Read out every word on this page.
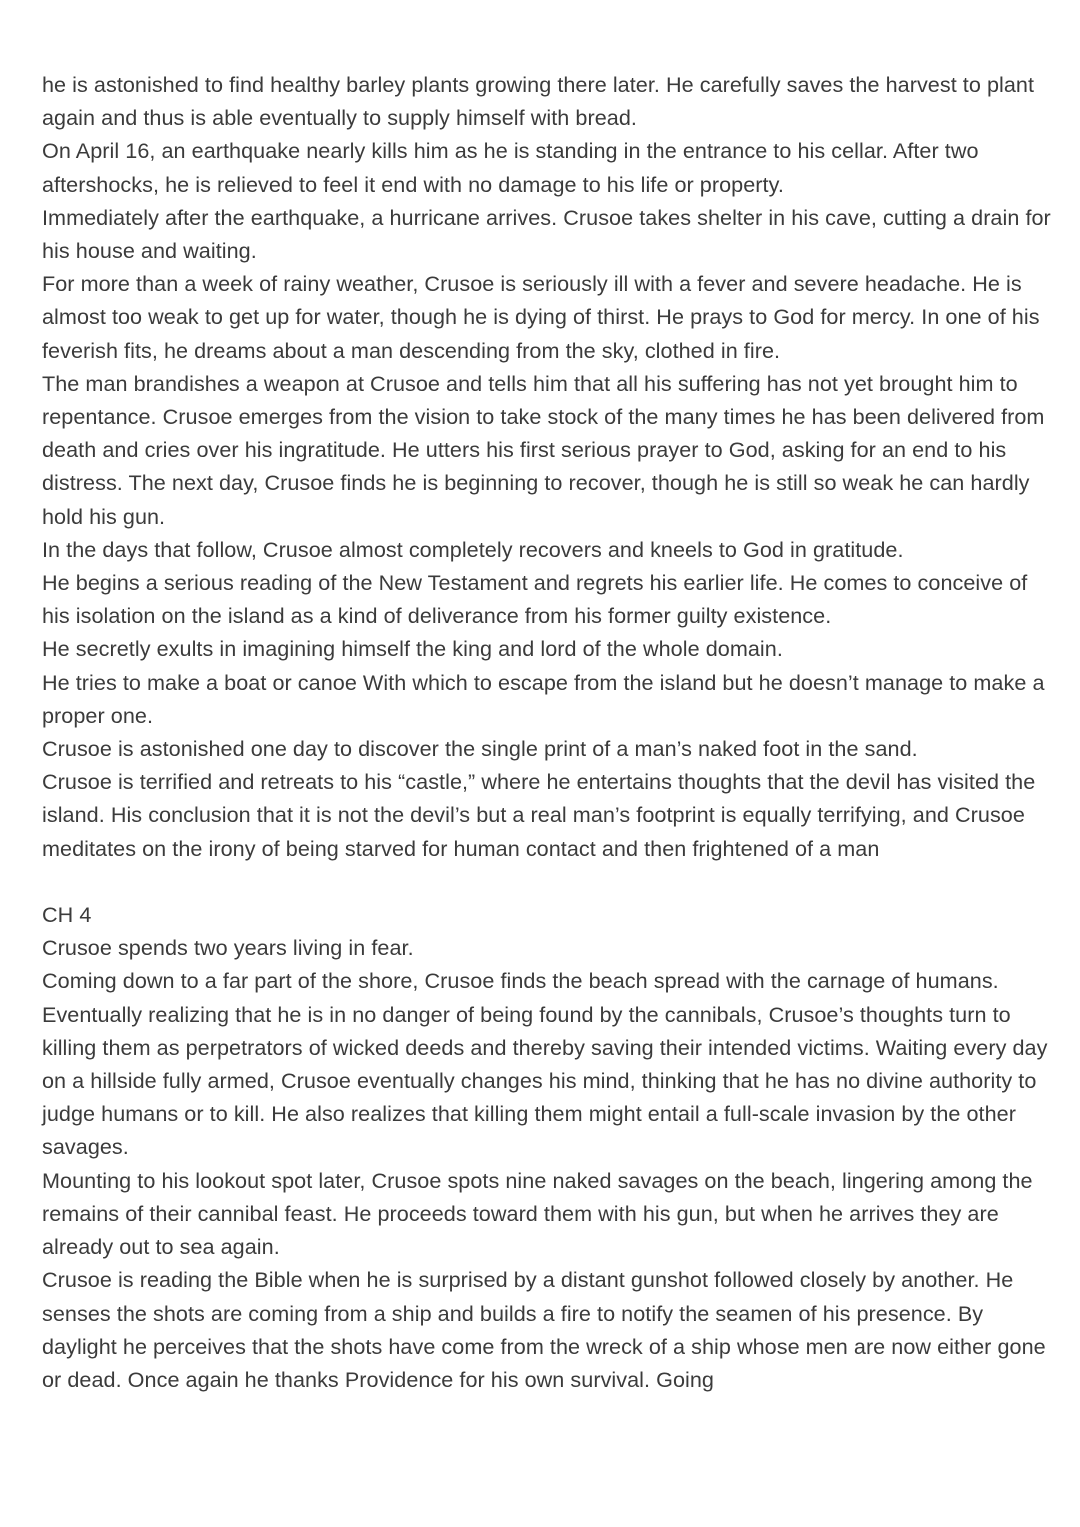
he is astonished to find healthy barley plants growing there later. He carefully saves the harvest to plant again and thus is able eventually to supply himself with bread.

On April 16, an earthquake nearly kills him as he is standing in the entrance to his cellar. After two aftershocks, he is relieved to feel it end with no damage to his life or property.

Immediately after the earthquake, a hurricane arrives. Crusoe takes shelter in his cave, cutting a drain for his house and waiting.

For more than a week of rainy weather, Crusoe is seriously ill with a fever and severe headache. He is almost too weak to get up for water, though he is dying of thirst. He prays to God for mercy. In one of his feverish fits, he dreams about a man descending from the sky, clothed in fire.

The man brandishes a weapon at Crusoe and tells him that all his suffering has not yet brought him to repentance. Crusoe emerges from the vision to take stock of the many times he has been delivered from death and cries over his ingratitude. He utters his first serious prayer to God, asking for an end to his distress. The next day, Crusoe finds he is beginning to recover, though he is still so weak he can hardly hold his gun.

In the days that follow, Crusoe almost completely recovers and kneels to God in gratitude.

He begins a serious reading of the New Testament and regrets his earlier life. He comes to conceive of his isolation on the island as a kind of deliverance from his former guilty existence.

He secretly exults in imagining himself the king and lord of the whole domain.

He tries to make a boat or canoe With which to escape from the island but he doesn’t manage to make a proper one.

Crusoe is astonished one day to discover the single print of a man’s naked foot in the sand.

Crusoe is terrified and retreats to his “castle,” where he entertains thoughts that the devil has visited the island. His conclusion that it is not the devil’s but a real man’s footprint is equally terrifying, and Crusoe meditates on the irony of being starved for human contact and then frightened of a man

CH 4

Crusoe spends two years living in fear.

Coming down to a far part of the shore, Crusoe finds the beach spread with the carnage of humans. Eventually realizing that he is in no danger of being found by the cannibals, Crusoe’s thoughts turn to killing them as perpetrators of wicked deeds and thereby saving their intended victims. Waiting every day on a hillside fully armed, Crusoe eventually changes his mind, thinking that he has no divine authority to judge humans or to kill. He also realizes that killing them might entail a full-scale invasion by the other savages.

Mounting to his lookout spot later, Crusoe spots nine naked savages on the beach, lingering among the remains of their cannibal feast. He proceeds toward them with his gun, but when he arrives they are already out to sea again.

Crusoe is reading the Bible when he is surprised by a distant gunshot followed closely by another. He senses the shots are coming from a ship and builds a fire to notify the seamen of his presence. By daylight he perceives that the shots have come from the wreck of a ship whose men are now either gone or dead. Once again he thanks Providence for his own survival. Going
